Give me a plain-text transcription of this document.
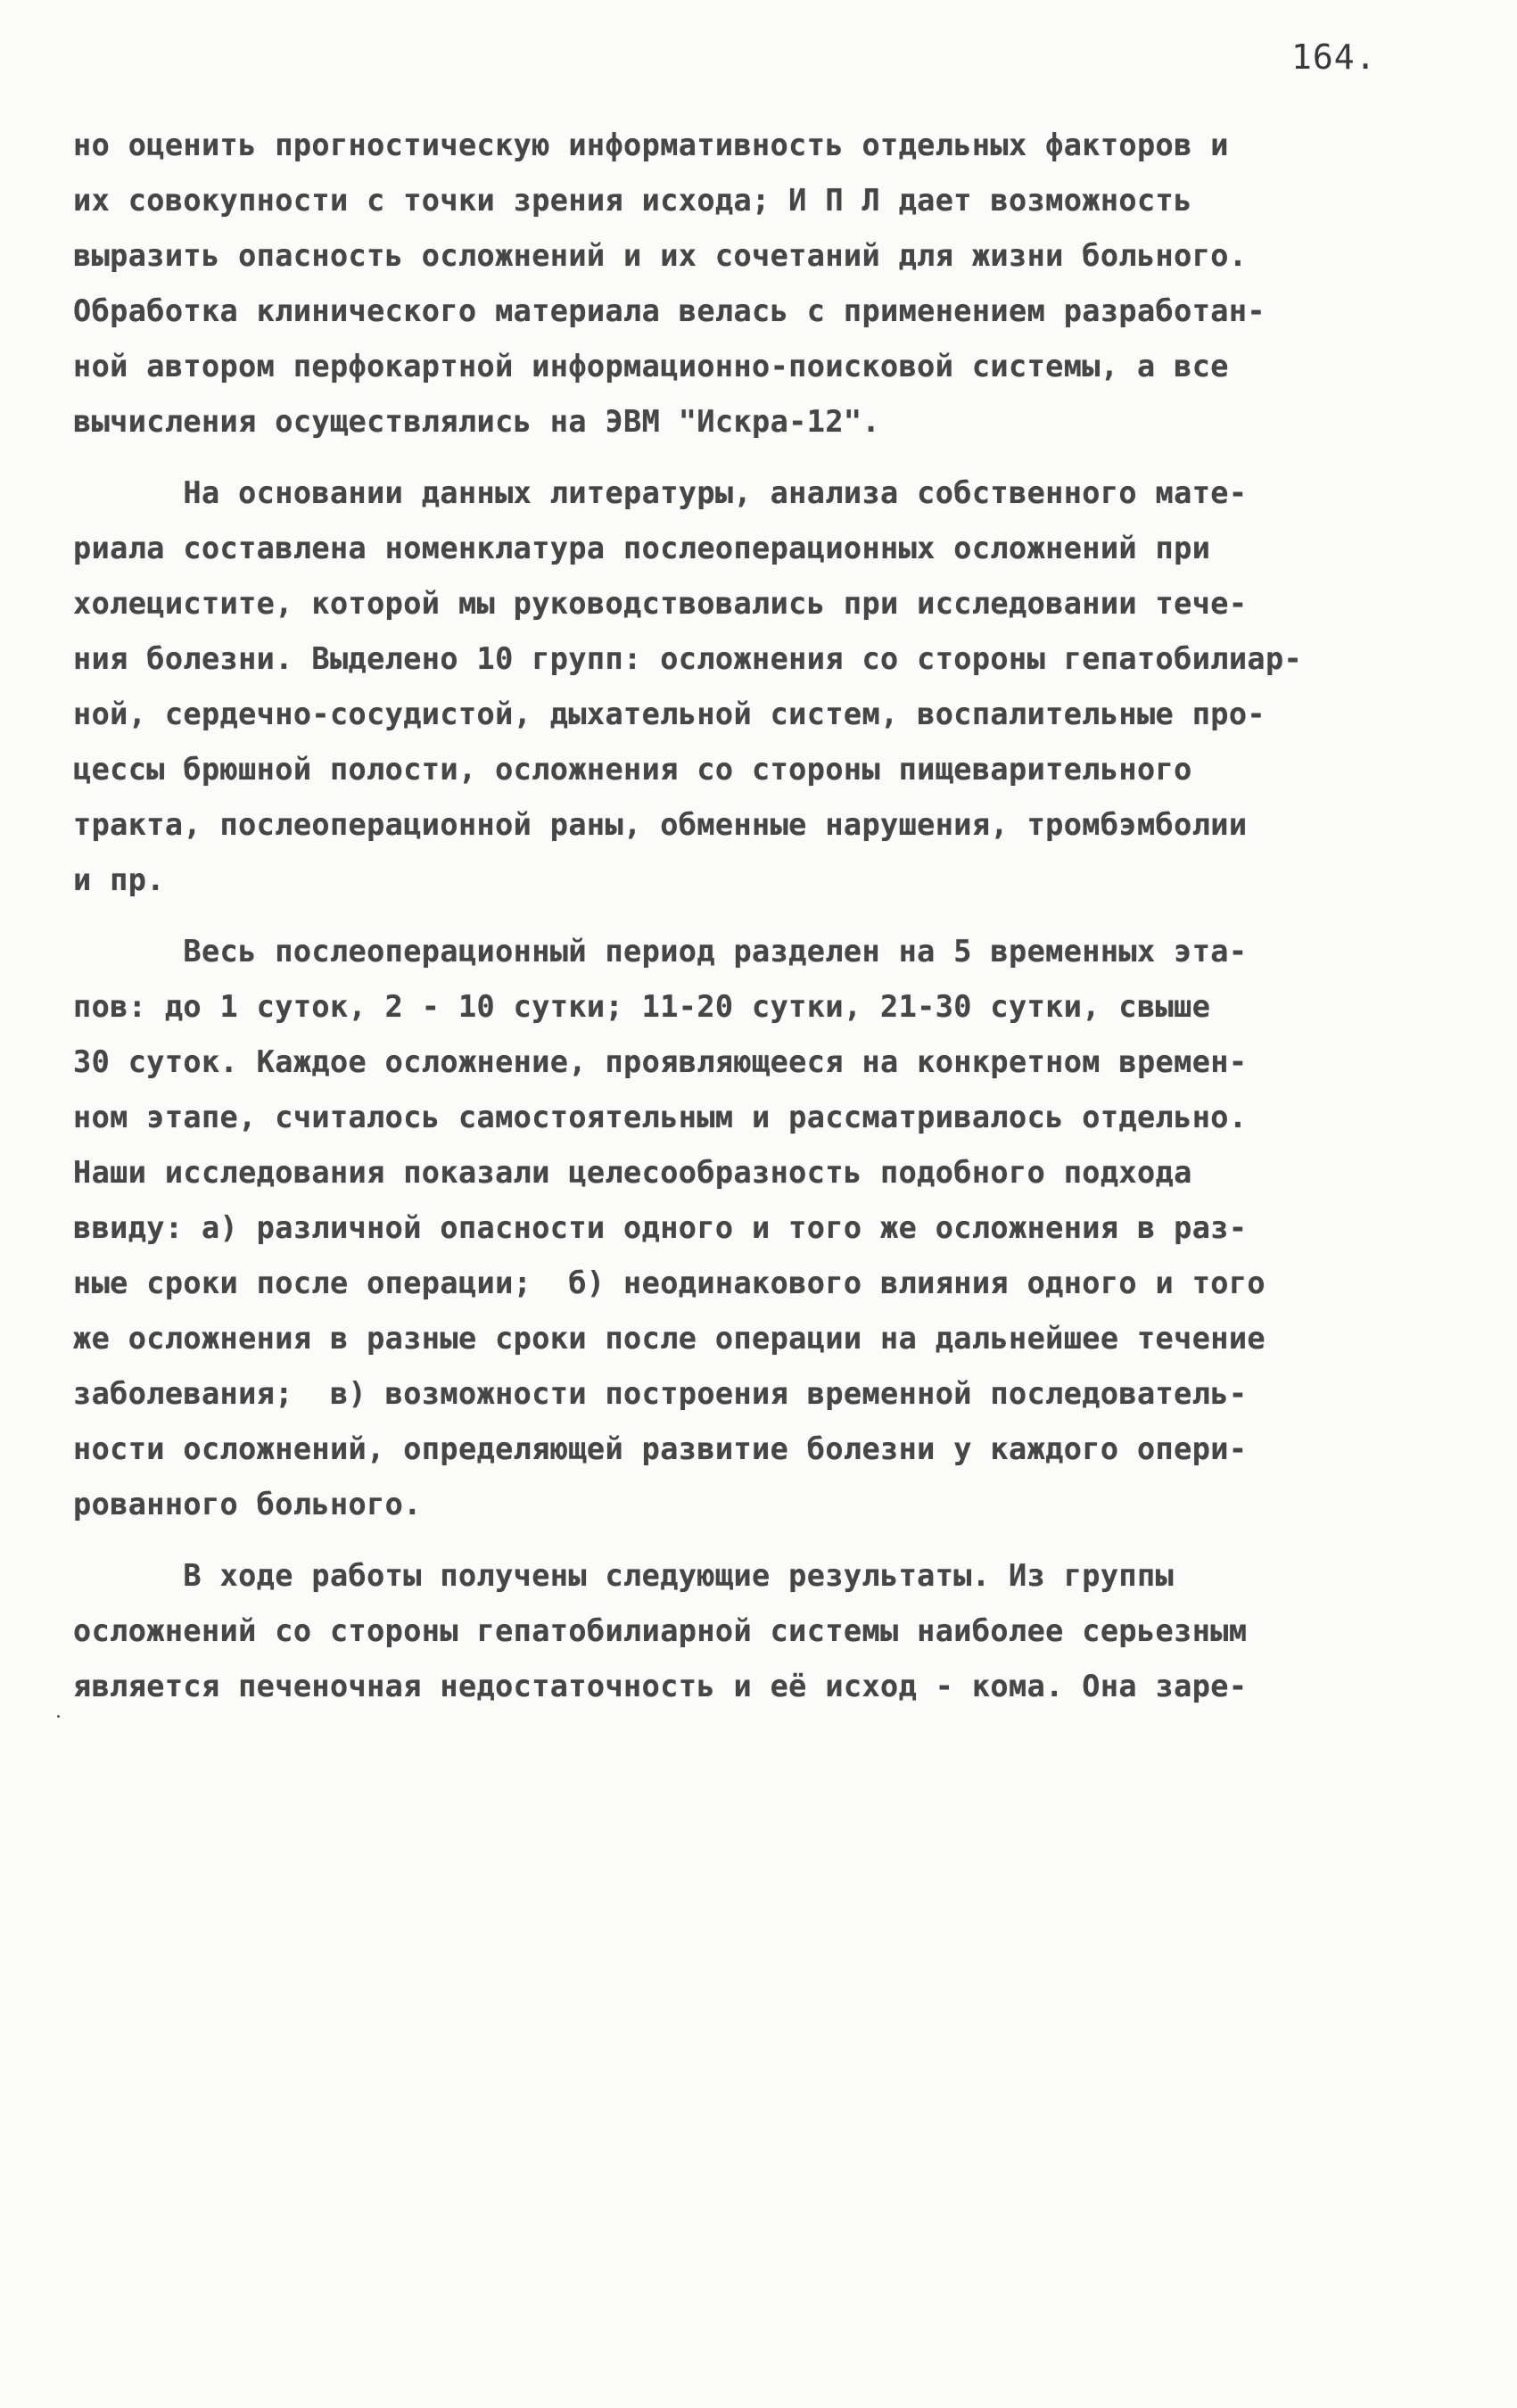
164.
но оценить прогностическую информативность отдельных факторов и
их совокупности с точки зрения исхода; И П Л дает возможность
выразить опасность осложнений и их сочетаний для жизни больного.
Обработка клинического материала велась с применением разработан-
ной автором перфокартной информационно-поисковой системы, а все
вычисления осуществлялись на ЭВМ "Искра-12".
На основании данных литературы, анализа собственного мате-
риала составлена номенклатура послеоперационных осложнений при
холецистите, которой мы руководствовались при исследовании тече-
ния болезни. Выделено 10 групп: осложнения со стороны гепатобилиар-
ной, сердечно-сосудистой, дыхательной систем, воспалительные про-
цессы брюшной полости, осложнения со стороны пищеварительного
тракта, послеоперационной раны, обменные нарушения, тромбэмболии
и пр.
Весь послеоперационный период разделен на 5 временных эта-
пов: до 1 суток, 2 - 10 сутки; 11-20 сутки, 21-30 сутки, свыше
30 суток. Каждое осложнение, проявляющееся на конкретном времен-
ном этапе, считалось самостоятельным и рассматривалось отдельно.
Наши исследования показали целесообразность подобного подхода
ввиду: а) различной опасности одного и того же осложнения в раз-
ные сроки после операции;  б) неодинакового влияния одного и того
же осложнения в разные сроки после операции на дальнейшее течение
заболевания;  в) возможности построения временной последователь-
ности осложнений, определяющей развитие болезни у каждого опери-
рованного больного.
В ходе работы получены следующие результаты. Из группы
осложнений со стороны гепатобилиарной системы наиболее серьезным
является печеночная недостаточность и её исход - кома. Она заре-
